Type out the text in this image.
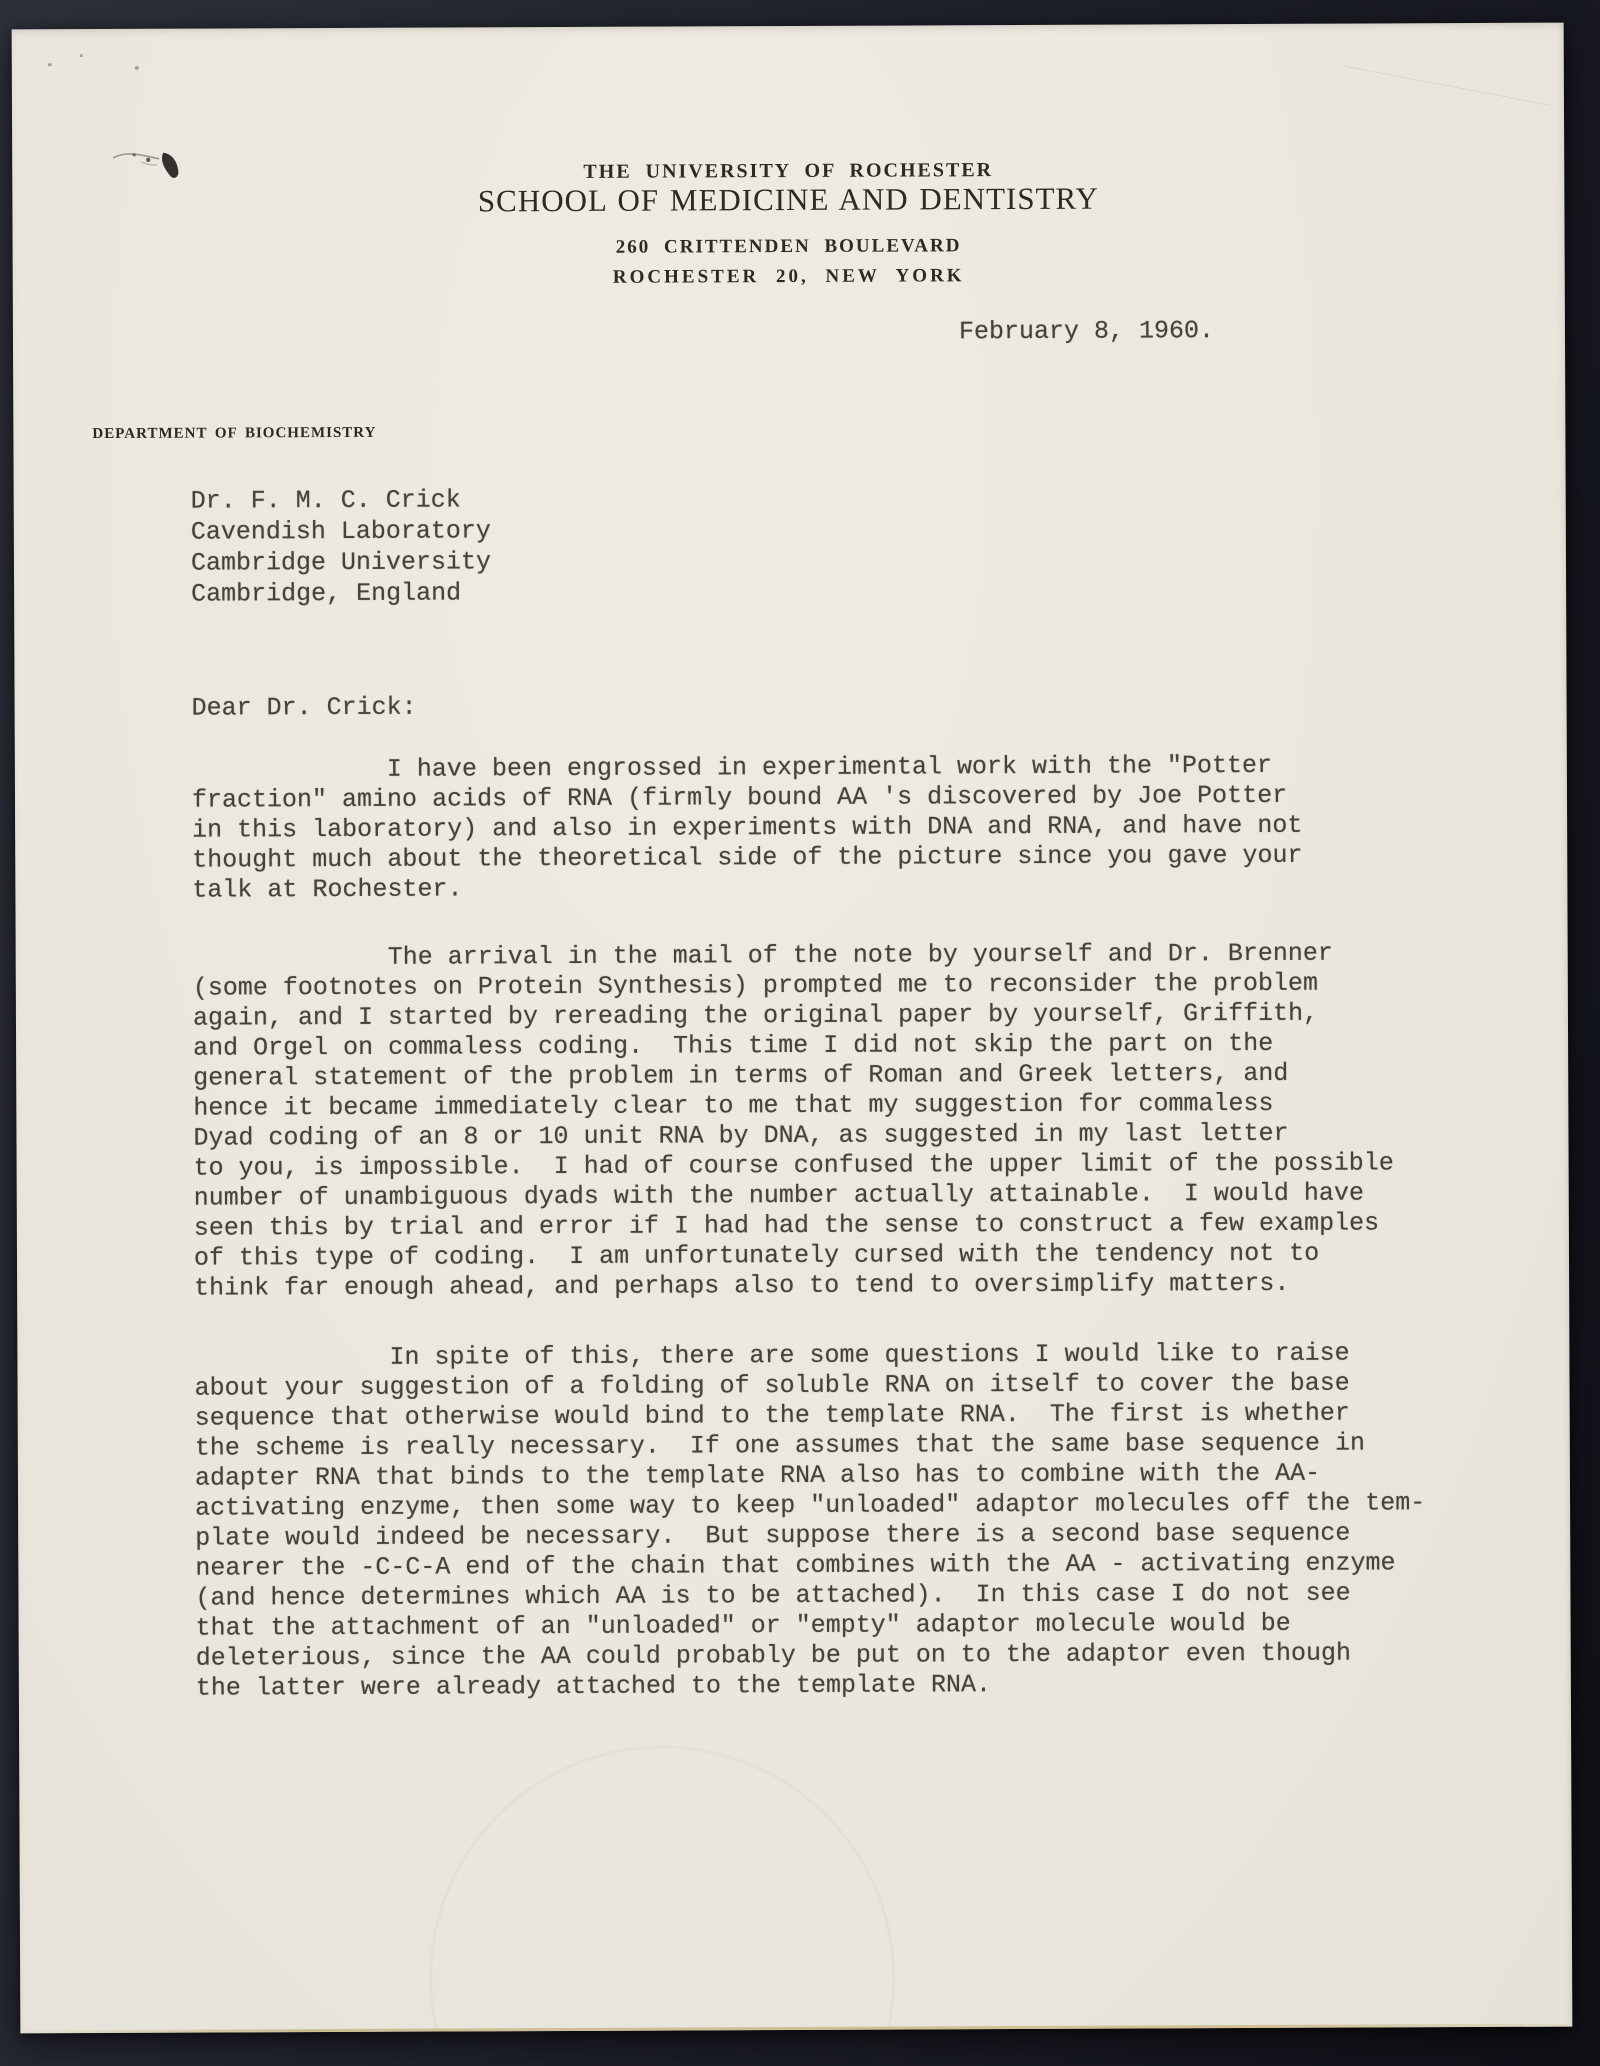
THE UNIVERSITY OF ROCHESTER
SCHOOL OF MEDICINE AND DENTISTRY
260 CRITTENDEN BOULEVARD
ROCHESTER 20, NEW YORK
February 8, 1960.
DEPARTMENT OF BIOCHEMISTRY
Dr. F. M. C. Crick
Cavendish Laboratory
Cambridge University
Cambridge, England
Dear Dr. Crick:
I have been engrossed in experimental work with the "Potter
fraction" amino acids of RNA (firmly bound AA 's discovered by Joe Potter
in this laboratory) and also in experiments with DNA and RNA, and have not
thought much about the theoretical side of the picture since you gave your
talk at Rochester.
The arrival in the mail of the note by yourself and Dr. Brenner
(some footnotes on Protein Synthesis) prompted me to reconsider the problem
again, and I started by rereading the original paper by yourself, Griffith,
and Orgel on commaless coding.  This time I did not skip the part on the
general statement of the problem in terms of Roman and Greek letters, and
hence it became immediately clear to me that my suggestion for commaless
Dyad coding of an 8 or 10 unit RNA by DNA, as suggested in my last letter
to you, is impossible.  I had of course confused the upper limit of the possible
number of unambiguous dyads with the number actually attainable.  I would have
seen this by trial and error if I had had the sense to construct a few examples
of this type of coding.  I am unfortunately cursed with the tendency not to
think far enough ahead, and perhaps also to tend to oversimplify matters.
In spite of this, there are some questions I would like to raise
about your suggestion of a folding of soluble RNA on itself to cover the base
sequence that otherwise would bind to the template RNA.  The first is whether
the scheme is really necessary.  If one assumes that the same base sequence in
adapter RNA that binds to the template RNA also has to combine with the AA-
activating enzyme, then some way to keep "unloaded" adaptor molecules off the tem-
plate would indeed be necessary.  But suppose there is a second base sequence
nearer the -C-C-A end of the chain that combines with the AA - activating enzyme
(and hence determines which AA is to be attached).  In this case I do not see
that the attachment of an "unloaded" or "empty" adaptor molecule would be
deleterious, since the AA could probably be put on to the adaptor even though
the latter were already attached to the template RNA.
